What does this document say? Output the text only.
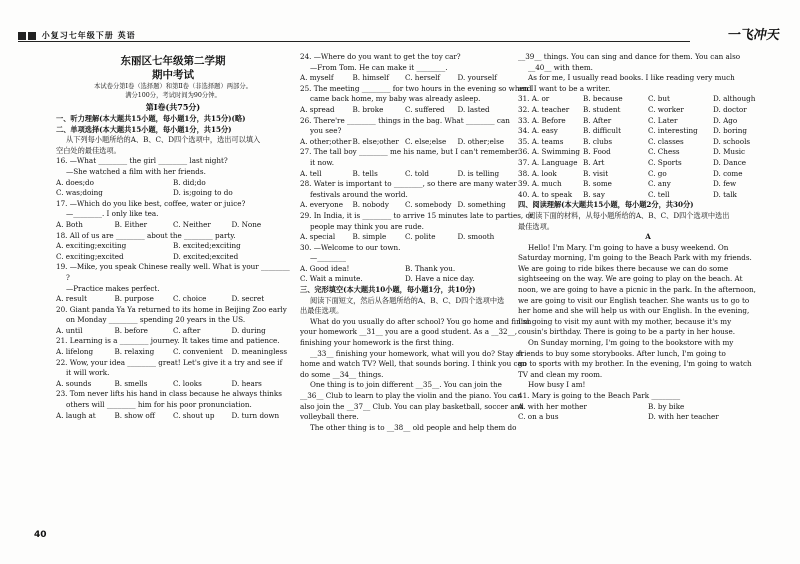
小复习七年级下册 英语	一飞冲天
东丽区七年级第二学期
期中考试
本试卷分第Ⅰ卷（选择题）和第Ⅱ卷（非选择题）两部分。
满分100分，考试时间为90分钟。
第Ⅰ卷(共75分)
一、听力理解(本大题共15小题，每小题1分，共15分)(略)
二、单项选择(本大题共15小题，每小题1分，共15分)
从下列每小题所给的A、B、C、D四个选项中，选出可以填入
空白处的最佳选项。
16. —What ________ the girl ________ last night?
—She watched a film with her friends.
A. does;do	B. did;do
C. was;doing	D. is;going to do
17. —Which do you like best, coffee, water or juice?
—________. I only like tea.
A. Both	B. Either	C. Neither	D. None
18. All of us are ________ about the ________ party.
A. exciting;exciting	B. excited;exciting
C. exciting;excited	D. excited;excited
19. —Mike, you speak Chinese really well. What is your ________
?
—Practice makes perfect.
A. result	B. purpose	C. choice	D. secret
20. Giant panda Ya Ya returned to its home in Beijing Zoo early
on Monday ________ spending 20 years in the US.
A. until	B. before	C. after	D. during
21. Learning is a ________ journey. It takes time and patience.
A. lifelong	B. relaxing	C. convenient	D. meaningless
22. Wow, your idea ________ great! Let's give it a try and see if
it will work.
A. sounds	B. smells	C. looks	D. hears
23. Tom never lifts his hand in class because he always thinks
others will ________ him for his poor pronunciation.
A. laugh at	B. show off	C. shout up	D. turn down
24. —Where do you want to get the toy car?
—From Tom. He can make it ________.
A. myself	B. himself	C. herself	D. yourself
25. The meeting ________ for two hours in the evening so when I
came back home, my baby was already asleep.
A. spread	B. broke	C. suffered	D. lasted
26. There're ________ things in the bag. What ________ can
you see?
A. other;other B. else;other C. else;else	D. other;else
27. The tall boy ________ me his name, but I can't remember
it now.
A. tell	B. tells	C. told	D. is telling
28. Water is important to ________, so there are many water
festivals around the world.
A. everyone	B. nobody	C. somebody D. something
29. In India, it is ________ to arrive 15 minutes late to parties, or
people may think you are rude.
A. special	B. simple	C. polite	D. smooth
30. —Welcome to our town.
—________
A. Good idea!	B. Thank you.
C. Wait a minute.	D. Have a nice day.
三、完形填空(本大题共10小题，每小题1分，共10分)
阅读下面短文，然后从各题所给的A、B、C、D四个选项中选
出最佳选项。
What do you usually do after school? You go home and finish
your homework __31__ you are a good student. As a __32__,
finishing your homework is the first thing.
__33__ finishing your homework, what will you do? Stay at
home and watch TV? Well, that sounds boring. I think you can
do some __34__ things.
One thing is to join different __35__. You can join the
__36__ Club to learn to play the violin and the piano. You can
also join the __37__ Club. You can play basketball, soccer and
volleyball there.
The other thing is to __38__ old people and help them do
__39__ things. You can sing and dance for them. You can also
__40__ with them.
As for me, I usually read books. I like reading very much
and I want to be a writer.
31. A. or	B. because	C. but	D. although
32. A. teacher	B. student	C. worker	D. doctor
33. A. Before	B. After	C. Later	D. Ago
34. A. easy	B. difficult	C. interesting	D. boring
35. A. teams	B. clubs	C. classes	D. schools
36. A. Swimming B. Food	C. Chess	D. Music
37. A. Language B. Art	C. Sports	D. Dance
38. A. look	B. visit	C. go	D. come
39. A. much	B. some	C. any	D. few
40. A. to speak	B. say	C. tell	D. talk
四、阅读理解(本大题共15小题，每小题2分，共30分)
阅读下面的材料，从每小题所给的A、B、C、D四个选项中选出
最佳选项。
A
Hello! I'm Mary. I'm going to have a busy weekend. On
Saturday morning, I'm going to the Beach Park with my friends.
We are going to ride bikes there because we can do some
sightseeing on the way. We are going to play on the beach. At
noon, we are going to have a picnic in the park. In the afternoon,
we are going to visit our English teacher. She wants us to go to
her home and she will help us with our English. In the evening,
I'm going to visit my aunt with my mother, because it's my
cousin's birthday. There is going to be a party in her house.
On Sunday morning, I'm going to the bookstore with my
friends to buy some storybooks. After lunch, I'm going to
go to sports with my brother. In the evening, I'm going to watch
TV and clean my room.
How busy I am!
41. Mary is going to the Beach Park ________
A. with her mother	B. by bike
C. on a bus	D. with her teacher
40
